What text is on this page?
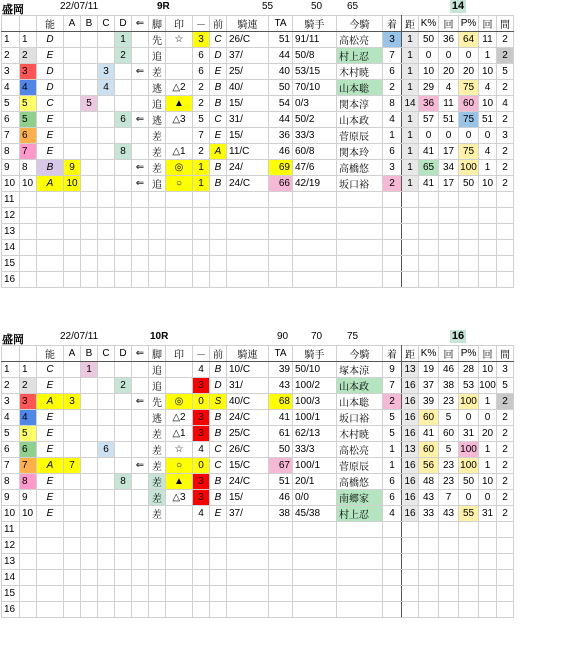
盛岡	22/07/11	9R	55	50 65	14
		能	A	B	C	D	⇐	脚	印	－	前	騎連	TA	騎手	今騎	着	距	K%	回	P%	回	間
1	1	D				1		先	☆	3	C	26/C	51	91/11	高松亮	3	1	50	36	64	11	2
2	2	E				2		追		6	D	37/	44	50/8	村上忍	7	1	0	0	0	1	2
3	3	D			3		⇐	差		6	E	25/	40	53/15	木村暁	6	1	10	20	20	10	5
4	4	D			4			逃	△2	2	B	40/	50	70/10	山本聡	2	1	29	4	75	4	2
5	5	C		5				追	▲	2	B	15/	54	0/3	関本淳	8	14	36	11	60	10	4
6	5	E				6	⇐	逃	△3	5	C	31/	44	50/2	山本政	4	1	57	51	75	51	2
7	6	E						差		7	E	15/	36	33/3	菅原辰	1	1	0	0	0	0	3
8	7	E				8		差	△1	2	A	11/C	46	60/8	関本玲	6	1	41	17	75	4	2
9	8	B	9				⇐	差	◎	1	B	24/	69	47/6	高橋悠	3	1	65	34	100	1	2
10	10	A	10				⇐	追	○	1	B	24/C	66	42/19	坂口裕	2	1	41	17	50	10	2
11																						
12																						
13																						
14																						
15																						
16																						
盛岡	22/07/11	10R	90 70 75	16
		能	A	B	C	D	⇐	脚	印	－	前	騎連	TA	騎手	今騎	着	距	K%	回	P%	回	間
1	1	C		1				追		4	B	10/C	39	50/10	塚本涼	9	13	19	46	28	10	3
2	2	E				2		追		3	D	31/	43	100/2	山本政	7	16	37	38	53	100	5
3	3	A	3				⇐	先	◎	0	S	40/C	68	100/3	山本聡	2	16	39	23	100	1	2
4	4	E						逃	△2	3	B	24/C	41	100/1	坂口裕	5	16	60	5	0	0	2
5	5	E						差	△1	3	B	25/C	61	62/13	木村暁	5	16	41	60	31	20	2
6	6	E			6			差	☆	4	C	26/C	50	33/3	高松亮	1	13	60	5	100	1	2
7	7	A	7				⇐	差	○	0	C	15/C	67	100/1	菅原辰	1	16	56	23	100	1	2
8	8	E				8		差	▲	3	B	24/C	51	20/1	高橋悠	6	16	48	23	50	10	2
9	9	E						差	△3	3	B	15/	46	0/0	南郷家	6	16	43	7	0	0	2
10	10	E						差		4	E	37/	38	45/38	村上忍	4	16	33	43	55	31	2
11																						
12																						
13																						
14																						
15																						
16																						
